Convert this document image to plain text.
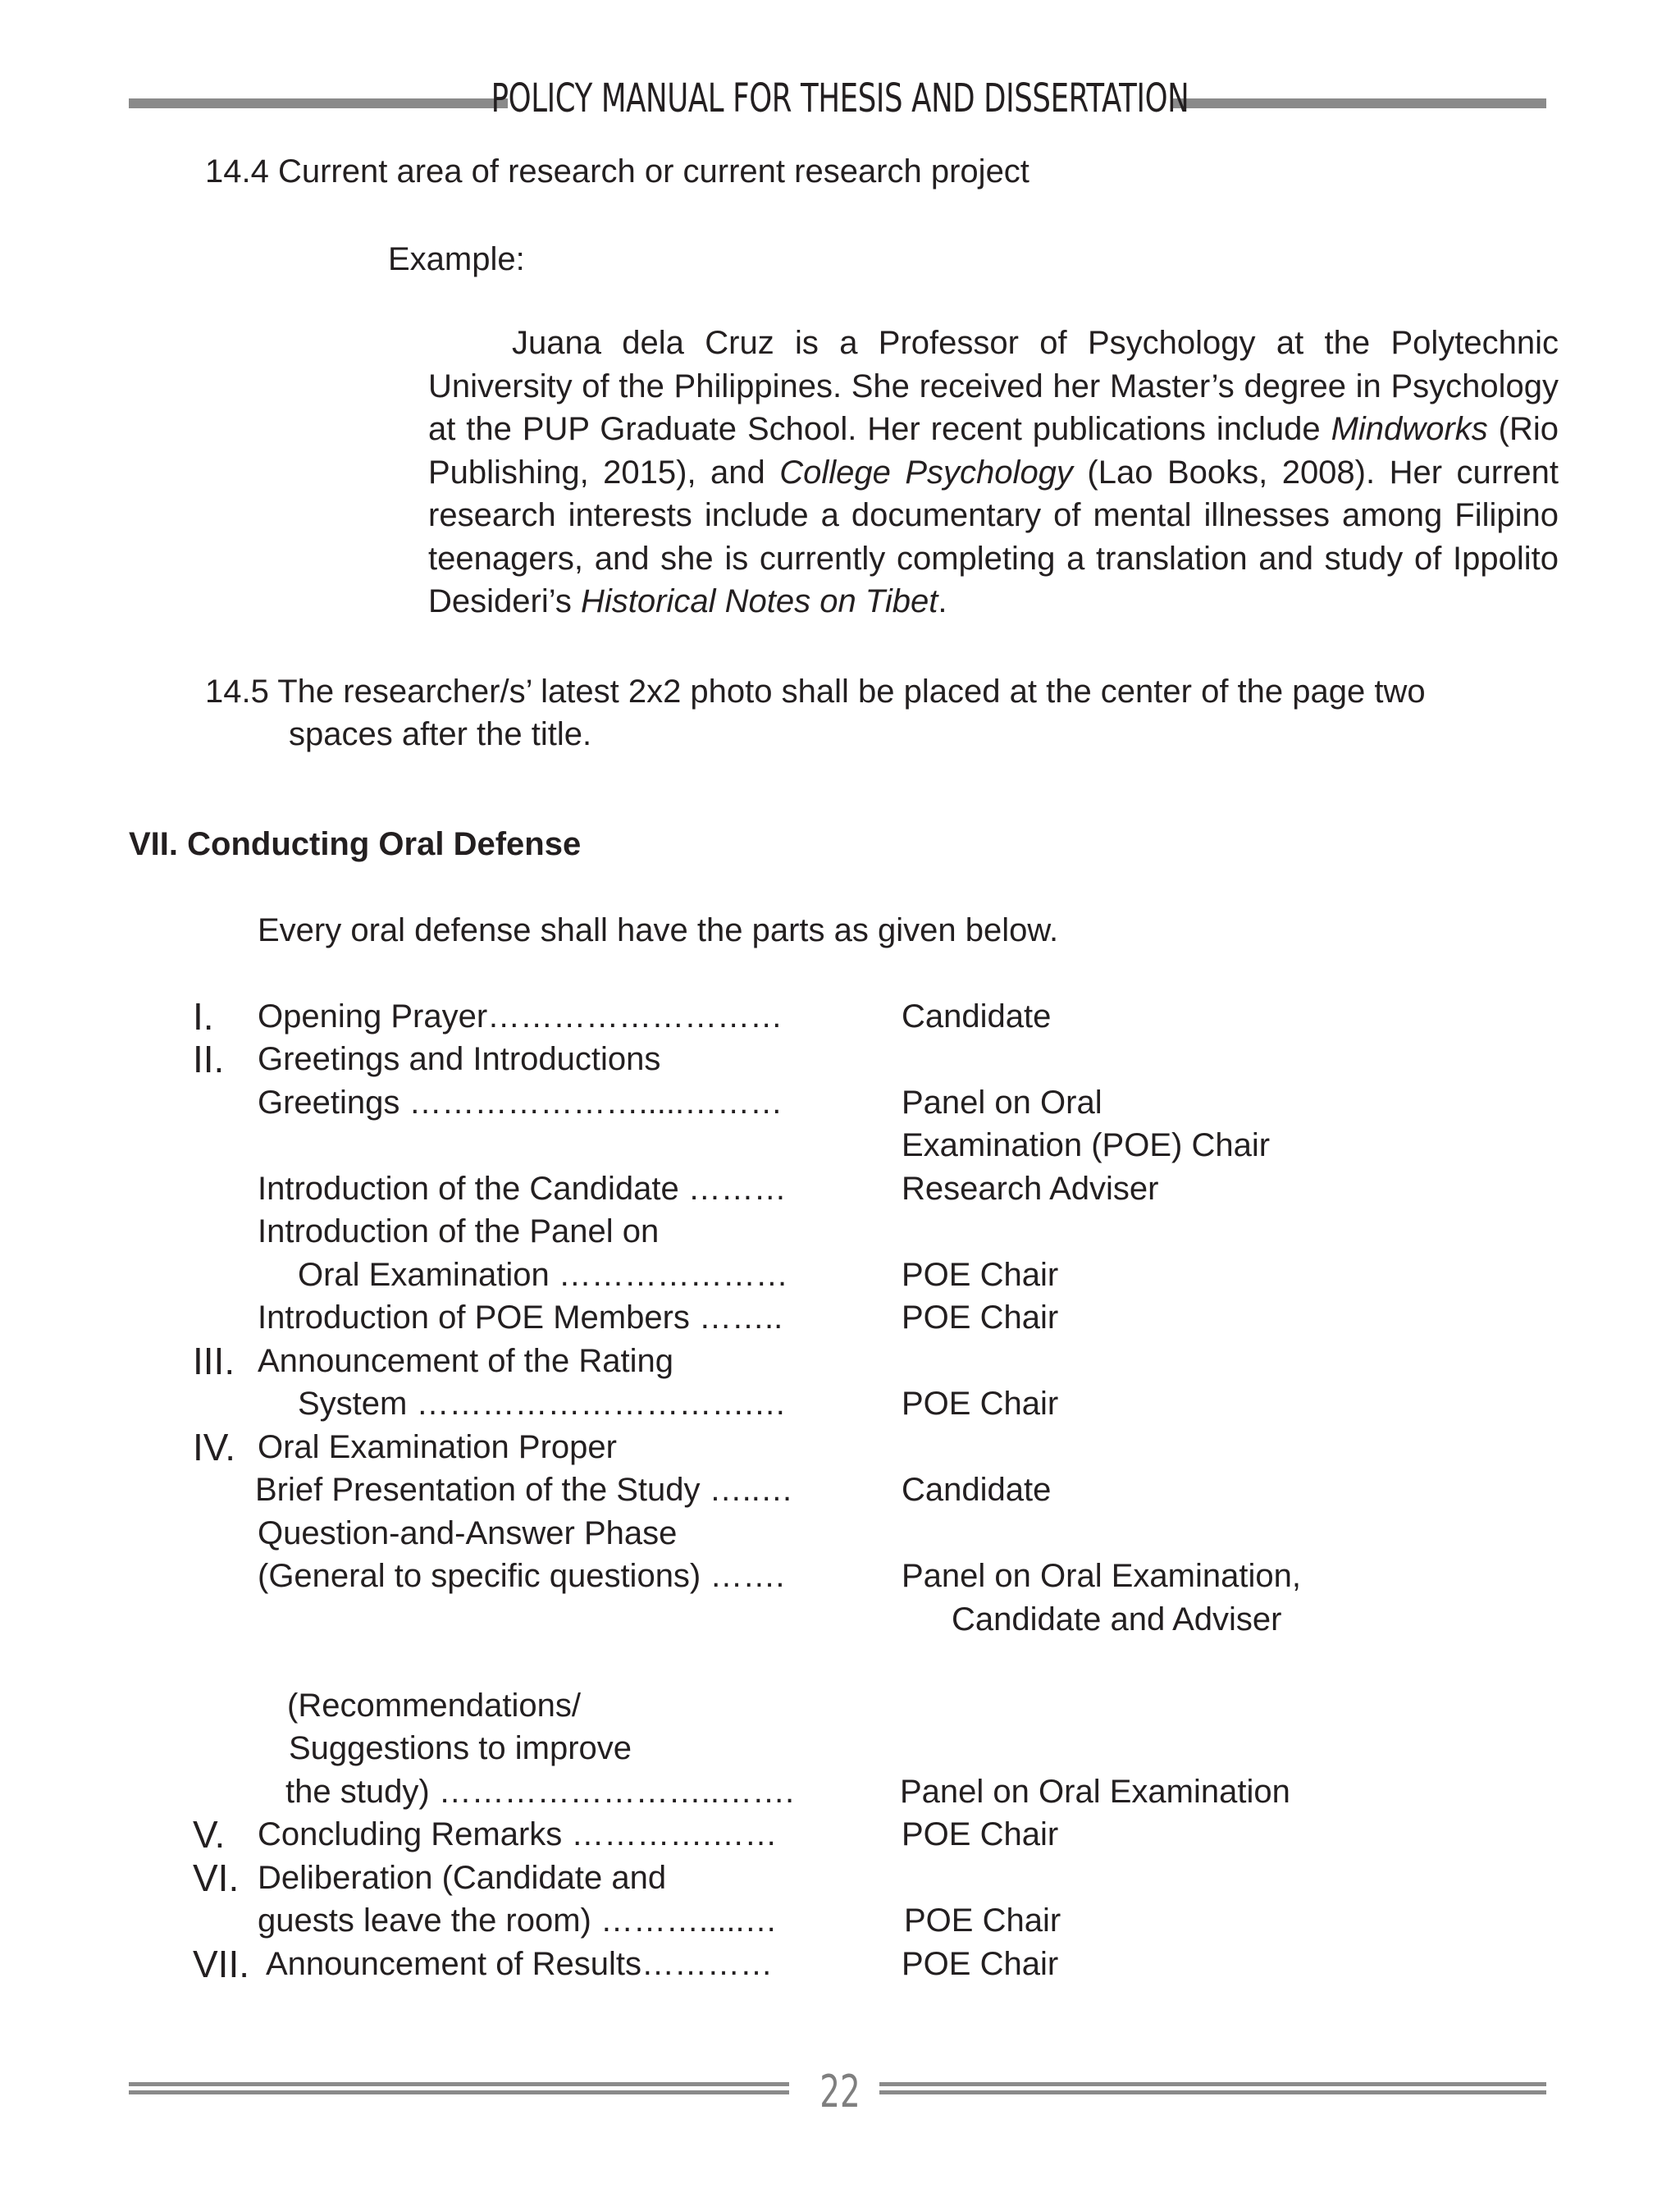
POLICY MANUAL FOR THESIS AND DISSERTATION
14.4 Current area of research or current research project
Example:

Juana dela Cruz is a Professor of Psychology at the Polytechnic University of the Philippines. She received her Master’s degree in Psychology at the PUP Graduate School. Her recent publications include Mindworks (Rio Publishing, 2015), and College Psychology (Lao Books, 2008). Her current research interests include a documentary of mental illnesses among Filipino teenagers, and she is currently completing a translation and study of Ippolito Desideri’s Historical Notes on Tibet.

14.5 The researcher/s’ latest 2x2 photo shall be placed at the center of the page two
spaces after the title.
VII. Conducting Oral Defense
Every oral defense shall have the parts as given below.
I. Opening Prayer………………………	Candidate
II. Greetings and Introductions
Greetings ………………….....………	Panel on Oral
Examination (POE) Chair
Introduction of the Candidate ………	Research Adviser
Introduction of the Panel on
Oral Examination …………………	POE Chair
Introduction of POE Members ……..	POE Chair
III. Announcement of the Rating
System ………………………….…	POE Chair
IV. Oral Examination Proper
Brief Presentation of the Study …..…	Candidate
Question-and-Answer Phase
(General to specific questions) …….	Panel on Oral Examination,
Candidate and Adviser
(Recommendations/
Suggestions to improve
the study) ……………………..…….	Panel on Oral Examination
V. Concluding Remarks ………….……	POE Chair
VI. Deliberation (Candidate and
guests leave the room) ……….....…	POE Chair
VII. Announcement of Results…………	POE Chair
22
